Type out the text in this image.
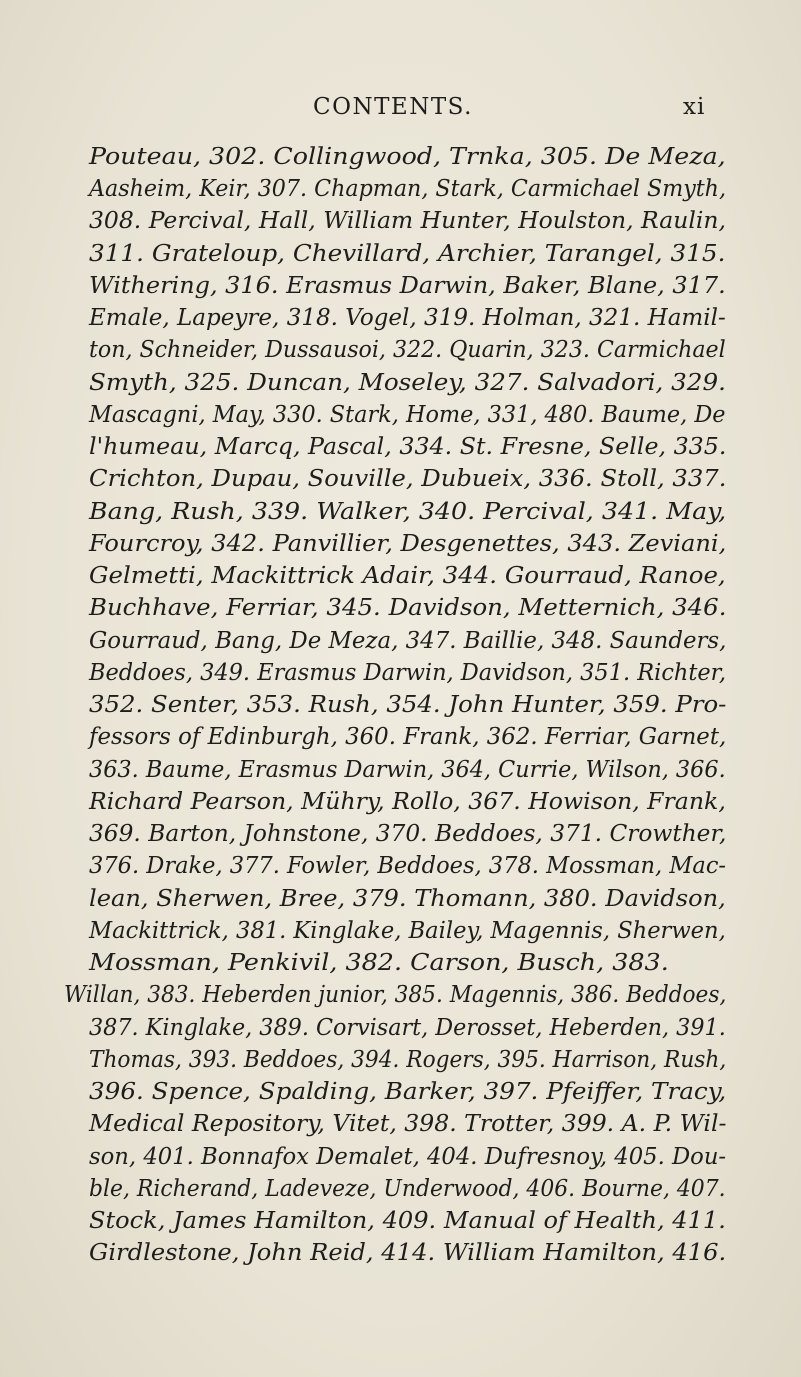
CONTENTS.	xi
Pouteau, 302. Collingwood, Trnka, 305. De Meza,
Aasheim, Keir, 307. Chapman, Stark, Carmichael Smyth,
308. Percival, Hall, William Hunter, Houlston, Raulin,
311. Grateloup, Chevillard, Archier, Tarangel, 315.
Withering, 316. Erasmus Darwin, Baker, Blane, 317.
Emale, Lapeyre, 318. Vogel, 319. Holman, 321. Hamil-
ton, Schneider, Dussausoi, 322. Quarin, 323. Carmichael
Smyth, 325. Duncan, Moseley, 327. Salvadori, 329.
Mascagni, May, 330. Stark, Home, 331, 480. Baume, De
l'humeau, Marcq, Pascal, 334. St. Fresne, Selle, 335.
Crichton, Dupau, Souville, Dubueix, 336. Stoll, 337.
Bang, Rush, 339. Walker, 340. Percival, 341. May,
Fourcroy, 342. Panvillier, Desgenettes, 343. Zeviani,
Gelmetti, Mackittrick Adair, 344. Gourraud, Ranoe,
Buchhave, Ferriar, 345. Davidson, Metternich, 346.
Gourraud, Bang, De Meza, 347. Baillie, 348. Saunders,
Beddoes, 349. Erasmus Darwin, Davidson, 351. Richter,
352. Senter, 353. Rush, 354. John Hunter, 359. Pro-
fessors of Edinburgh, 360. Frank, 362. Ferriar, Garnet,
363. Baume, Erasmus Darwin, 364, Currie, Wilson, 366.
Richard Pearson, Mühry, Rollo, 367. Howison, Frank,
369. Barton, Johnstone, 370. Beddoes, 371. Crowther,
376. Drake, 377. Fowler, Beddoes, 378. Mossman, Mac-
lean, Sherwen, Bree, 379. Thomann, 380. Davidson,
Mackittrick, 381. Kinglake, Bailey, Magennis, Sherwen,
Mossman, Penkivil, 382. Carson, Busch, 383.
Willan, 383. Heberden junior, 385. Magennis, 386. Beddoes,
387. Kinglake, 389. Corvisart, Derosset, Heberden, 391.
Thomas, 393. Beddoes, 394. Rogers, 395. Harrison, Rush,
396. Spence, Spalding, Barker, 397. Pfeiffer, Tracy,
Medical Repository, Vitet, 398. Trotter, 399. A. P. Wil-
son, 401. Bonnafox Demalet, 404. Dufresnoy, 405. Dou-
ble, Richerand, Ladeveze, Underwood, 406. Bourne, 407.
Stock, James Hamilton, 409. Manual of Health, 411.
Girdlestone, John Reid, 414. William Hamilton, 416.
